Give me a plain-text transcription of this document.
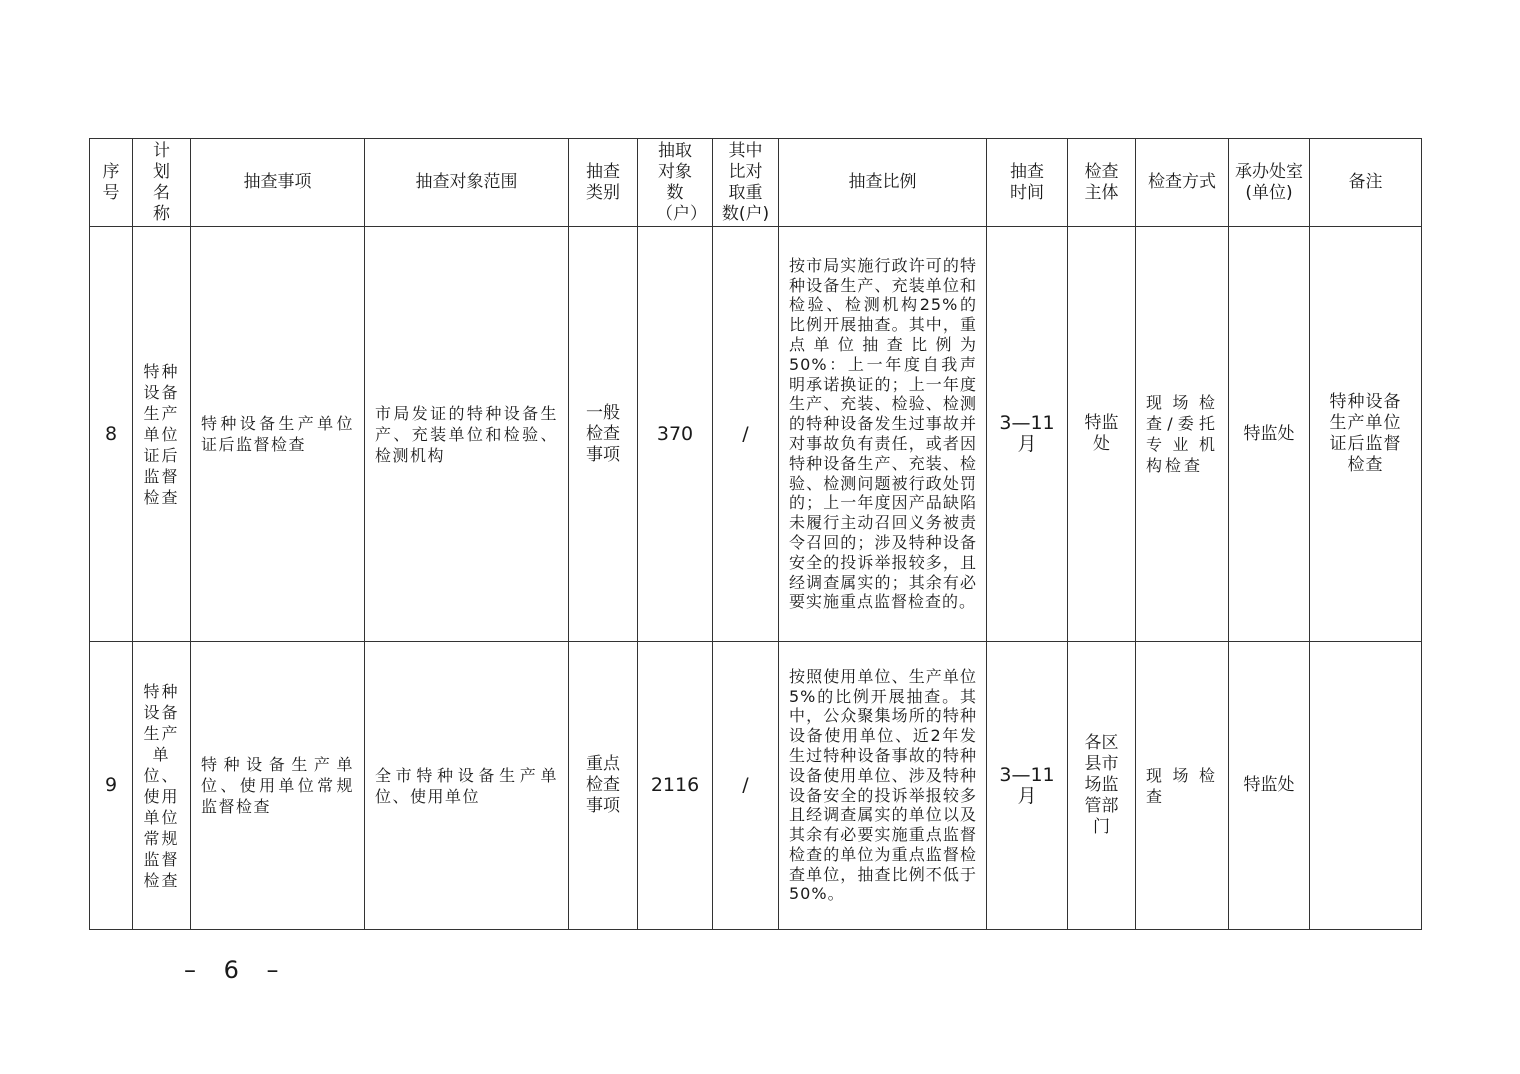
序号	计划名称	抽查事项	抽查对象范围	抽查类别	抽取对象数（户）	其中比对取重数(户)	抽查比例	抽查时间	检查主体	检查方式	承办处室(单位)	备注
8	特种设备生产单位证后监督检查	特种设备生产单位证后监督检查	市局发证的特种设备生产、充装单位和检验、检测机构	一般检查事项	370	/	按市局实施行政许可的特种设备生产、充装单位和检验、检测机构25%的比例开展抽查。其中，重点单位抽查比例为50%：上一年度自我声明承诺换证的；上一年度生产、充装、检验、检测的特种设备发生过事故并对事故负有责任，或者因特种设备生产、充装、检验、检测问题被行政处罚的；上一年度因产品缺陷未履行主动召回义务被责令召回的；涉及特种设备安全的投诉举报较多，且经调查属实的；其余有必要实施重点监督检查的。	3—11月	特监处	现场检查/委托专业机构检查	特监处	特种设备生产单位证后监督检查
9	特种设备生产单位、使用单位常规监督检查	特种设备生产单位、使用单位常规监督检查	全市特种设备生产单位、使用单位	重点检查事项	2116	/	按照使用单位、生产单位5%的比例开展抽查。其中，公众聚集场所的特种设备使用单位、近2年发生过特种设备事故的特种设备使用单位、涉及特种设备安全的投诉举报较多且经调查属实的单位以及其余有必要实施重点监督检查的单位为重点监督检查单位，抽查比例不低于50%。	3—11月	各区县市场监管部门	现场检查	特监处	
– 6 –
